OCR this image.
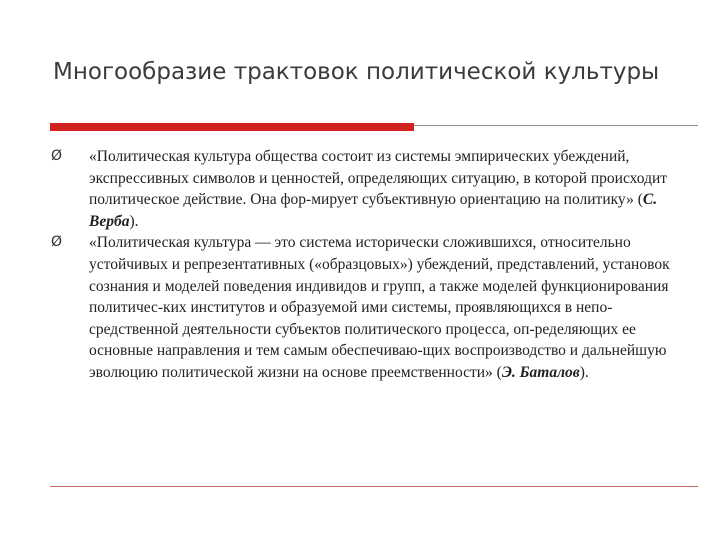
Многообразие трактовок политической культуры
Ø «Политическая культура общества состоит из системы эмпирических убеждений, экспрессивных символов и ценностей, определяющих ситуацию, в которой происходит политическое действие. Она фор-мирует субъективную ориентацию на политику» (С. Верба).
Ø «Политическая культура — это система исторически сложившихся, относительно устойчивых и репрезентативных («образцовых») убеждений, представлений, установок сознания и моделей поведения индивидов и групп, а также моделей функционирования политичес-ких институтов и образуемой ими системы, проявляющихся в непо-средственной деятельности субъектов политического процесса, оп-ределяющих ее основные направления и тем самым обеспечиваю-щих воспроизводство и дальнейшую эволюцию политической жизни на основе преемственности» (Э. Баталов).
